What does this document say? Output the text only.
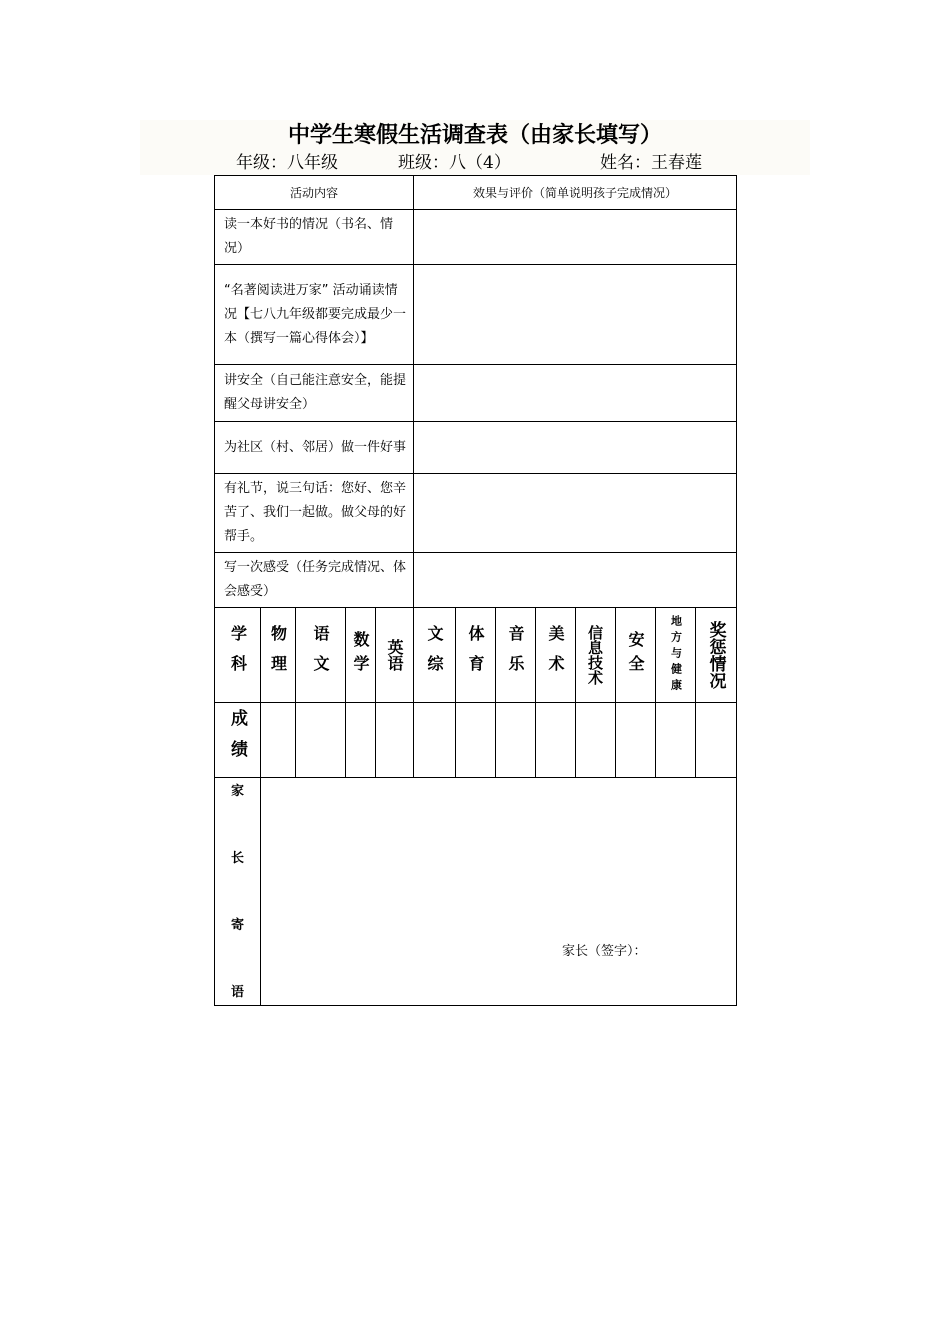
中学生寒假生活调查表（由家长填写）
年级：八年级	班级：八（4）	姓名：王春莲
活动内容					效果与评价（简单说明孩子完成情况）							
读一本好书的情况（书名、情况）												
“名著阅读进万家” 活动诵读情况【七八九年级都要完成最少一本（撰写一篇心得体会）】												
讲安全（自己能注意安全，能提醒父母讲安全）												
为社区（村、邻居）做一件好事												
有礼节，说三句话：您好、您辛苦了、我们一起做。做父母的好帮手。												
写一次感受（任务完成情况、体会感受）												

学科	物理	语文	数学	英语	文综	体育	音乐	美术	信息技术	安全	地方与健康	奖惩情况

成绩												

家
长
寄
语												

家长（签字）：
